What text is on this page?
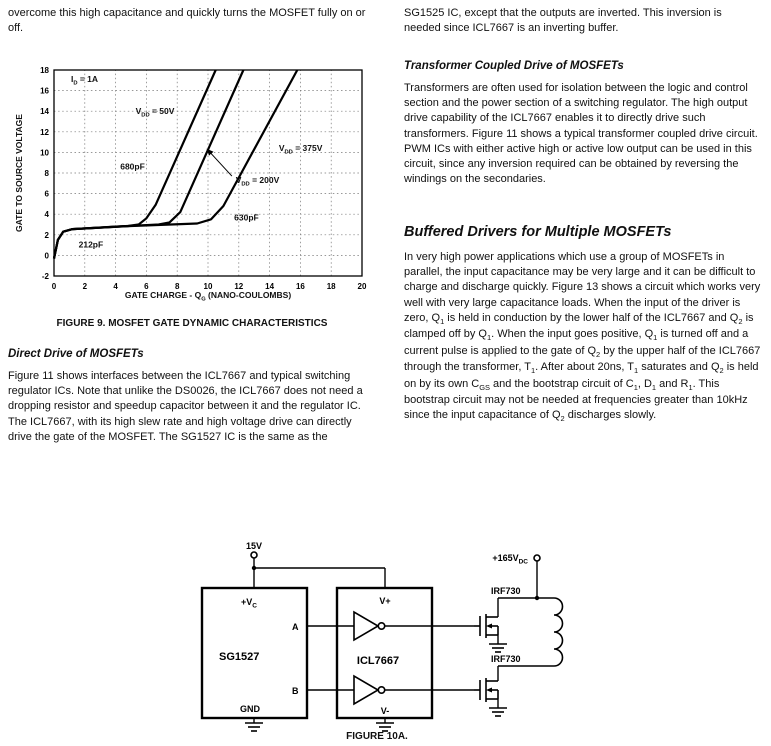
overcome this high capacitance and quickly turns the MOSFET fully on or off.

0	2	4	6	8	10	12	14	16	18	20
-2
0
2
4
6
8
10
12
14
16
18
$I_D = 1A$
$V_{DD} = 50V$
680pF
$V_{DD} = 375V$
$V_{DD} = 200V$
630pF
212pF
GATE CHARGE - $Q_G$ (NANO-COULOMBS)
GATE TO SOURCE VOLTAGE
FIGURE 9. MOSFET GATE DYNAMIC CHARACTERISTICS
Direct Drive of MOSFETs

Figure 11 shows interfaces between the ICL7667 and typical switching regulator ICs. Note that unlike the DS0026, the ICL7667 does not need a dropping resistor and speedup capacitor between it and the regulator IC. The ICL7667, with its high slew rate and high voltage drive can directly drive the gate of the MOSFET. The SG1527 IC is the same as the

SG1525 IC, except that the outputs are inverted. This inversion is needed since ICL7667 is an inverting buffer.

Transformer Coupled Drive of MOSFETs

Transformers are often used for isolation between the logic and control section and the power section of a switching regulator. The high output drive capability of the ICL7667 enables it to directly drive such transformers. Figure 11 shows a typical transformer coupled drive circuit. PWM ICs with either active high or active low output can be used in this circuit, since any inversion required can be obtained by reversing the windings on the secondaries.

Buffered Drivers for Multiple MOSFETs

In very high power applications which use a group of MOSFETs in parallel, the input capacitance may be very large and it can be difficult to charge and discharge quickly. Figure 13 shows a circuit which works very well with very large capacitance loads. When the input of the driver is zero, $Q_1$ is held in conduction by the lower half of the ICL7667 and $Q_2$ is clamped off by $Q_1$. When the input goes positive, $Q_1$ is turned off and a current pulse is applied to the gate of $Q_2$ by the upper half of the ICL7667 through the transformer, $T_1$. After about 20ns, $T_1$ saturates and $Q_2$ is held on by its own $C_{GS}$ and the bootstrap circuit of $C_1$, $D_1$ and $R_1$. This bootstrap circuit may not be needed at frequencies greater than 10kHz since the input capacitance of $Q_2$ discharges slowly.

15V
$+V_C$
SG1527
A
B
GND
V+
ICL7667
V-
IRF730
$+165V_{DC}$
IRF730
FIGURE 10A.
